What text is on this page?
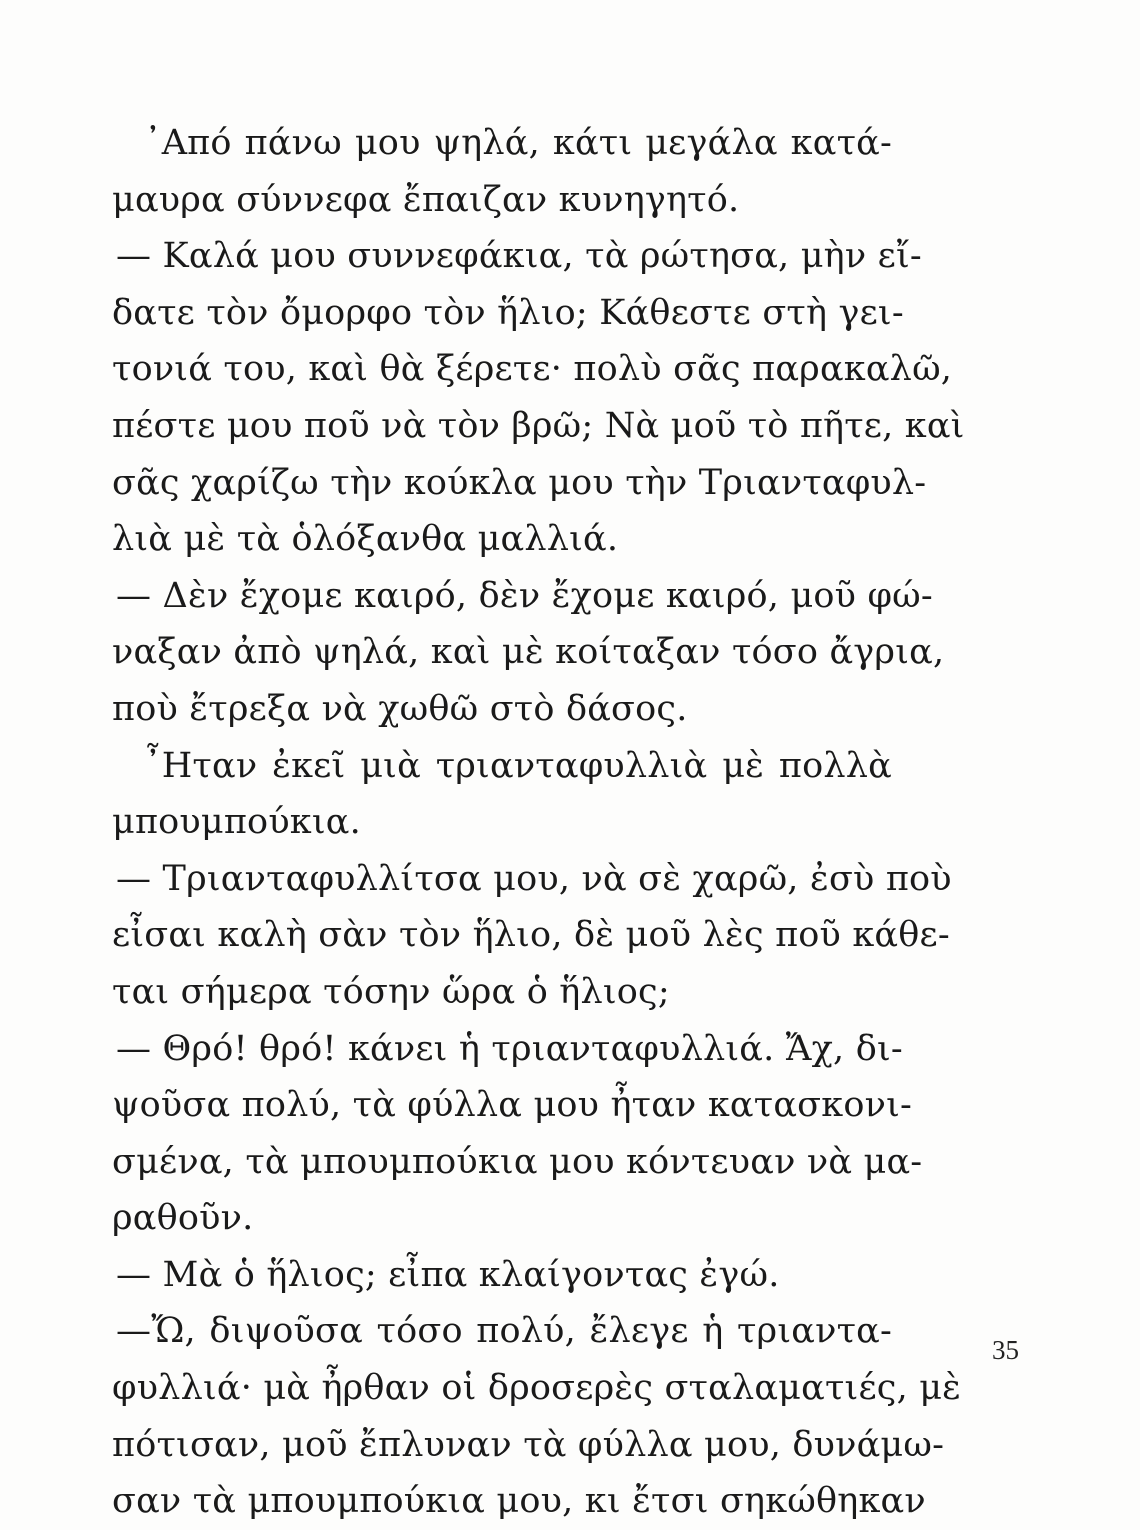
᾿Από πάνω μου ψηλά, κάτι μεγάλα κατά-
μαυρα σύννεφα ἔπαιζαν κυνηγητό.
— Καλά μου συννεφάκια, τὰ ρώτησα, μὴν εἴ-
δατε τὸν ὄμορφο τὸν ἥλιο; Κάθεστε στὴ γει-
τονιά του, καὶ θὰ ξέρετε· πολὺ σᾶς παρακαλῶ,
πέστε μου ποῦ νὰ τὸν βρῶ; Νὰ μοῦ τὸ πῆτε, καὶ
σᾶς χαρίζω τὴν κούκλα μου τὴν Τριανταφυλ-
λιὰ μὲ τὰ ὁλόξανθα μαλλιά.
— Δὲν ἔχομε καιρό, δὲν ἔχομε καιρό, μοῦ φώ-
ναξαν ἀπὸ ψηλά, καὶ μὲ κοίταξαν τόσο ἄγρια,
ποὺ ἔτρεξα νὰ χωθῶ στὸ δάσος.
῏Ηταν ἐκεῖ μιὰ τριανταφυλλιὰ μὲ πολλὰ
μπουμπούκια.
— Τριανταφυλλίτσα μου, νὰ σὲ χαρῶ, ἐσὺ ποὺ
εἶσαι καλὴ σὰν τὸν ἥλιο, δὲ μοῦ λὲς ποῦ κάθε-
ται σήμερα τόσην ὥρα ὁ ἥλιος;
— Θρό! θρό! κάνει ἡ τριανταφυλλιά. Ἄχ, δι-
ψοῦσα πολύ, τὰ φύλλα μου ἦταν κατασκονι-
σμένα, τὰ μπουμπούκια μου κόντευαν νὰ μα-
ραθοῦν.
— Μὰ ὁ ἥλιος; εἶπα κλαίγοντας ἐγώ.
—Ὤ, διψοῦσα τόσο πολύ, ἔλεγε ἡ τριαντα-
φυλλιά· μὰ ἦρθαν οἱ δροσερὲς σταλαματιές, μὲ
πότισαν, μοῦ ἔπλυναν τὰ φύλλα μου, δυνάμω-
σαν τὰ μπουμπούκια μου, κι ἔτσι σηκώθηκαν
35
